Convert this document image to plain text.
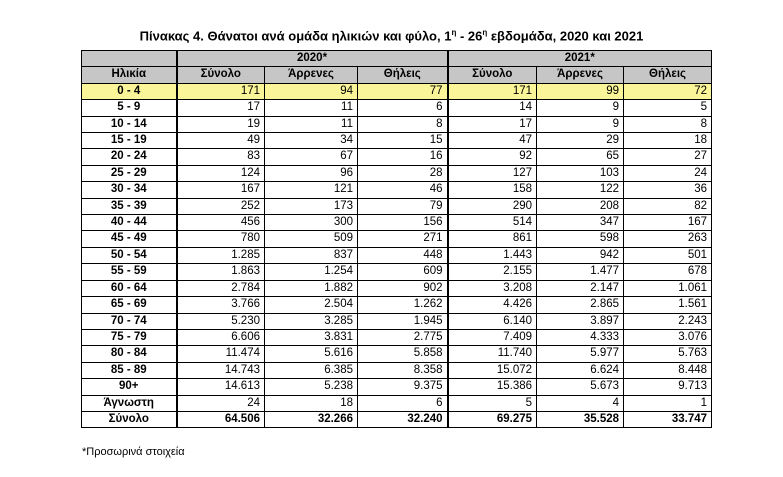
Πίνακας 4. Θάνατοι ανά ομάδα ηλικιών και φύλο, $1^\eta - 26^\eta$ εβδομάδα, 2020 και 2021
	2020*			2021*		
Ηλικία	Σύνολο	Άρρενες	Θήλεις	Σύνολο	Άρρενες	Θήλεις
0 - 4	171	94	77	171	99	72
5 - 9	17	11	6	14	9	5
10 - 14	19	11	8	17	9	8
15 - 19	49	34	15	47	29	18
20 - 24	83	67	16	92	65	27
25 - 29	124	96	28	127	103	24
30 - 34	167	121	46	158	122	36
35 - 39	252	173	79	290	208	82
40 - 44	456	300	156	514	347	167
45 - 49	780	509	271	861	598	263
50 - 54	1.285	837	448	1.443	942	501
55 - 59	1.863	1.254	609	2.155	1.477	678
60 - 64	2.784	1.882	902	3.208	2.147	1.061
65 - 69	3.766	2.504	1.262	4.426	2.865	1.561
70 - 74	5.230	3.285	1.945	6.140	3.897	2.243
75 - 79	6.606	3.831	2.775	7.409	4.333	3.076
80 - 84	11.474	5.616	5.858	11.740	5.977	5.763
85 - 89	14.743	6.385	8.358	15.072	6.624	8.448
90+	14.613	5.238	9.375	15.386	5.673	9.713
Άγνωστη	24	18	6	5	4	1
Σύνολο	64.506	32.266	32.240	69.275	35.528	33.747
*Προσωρινά στοιχεία
